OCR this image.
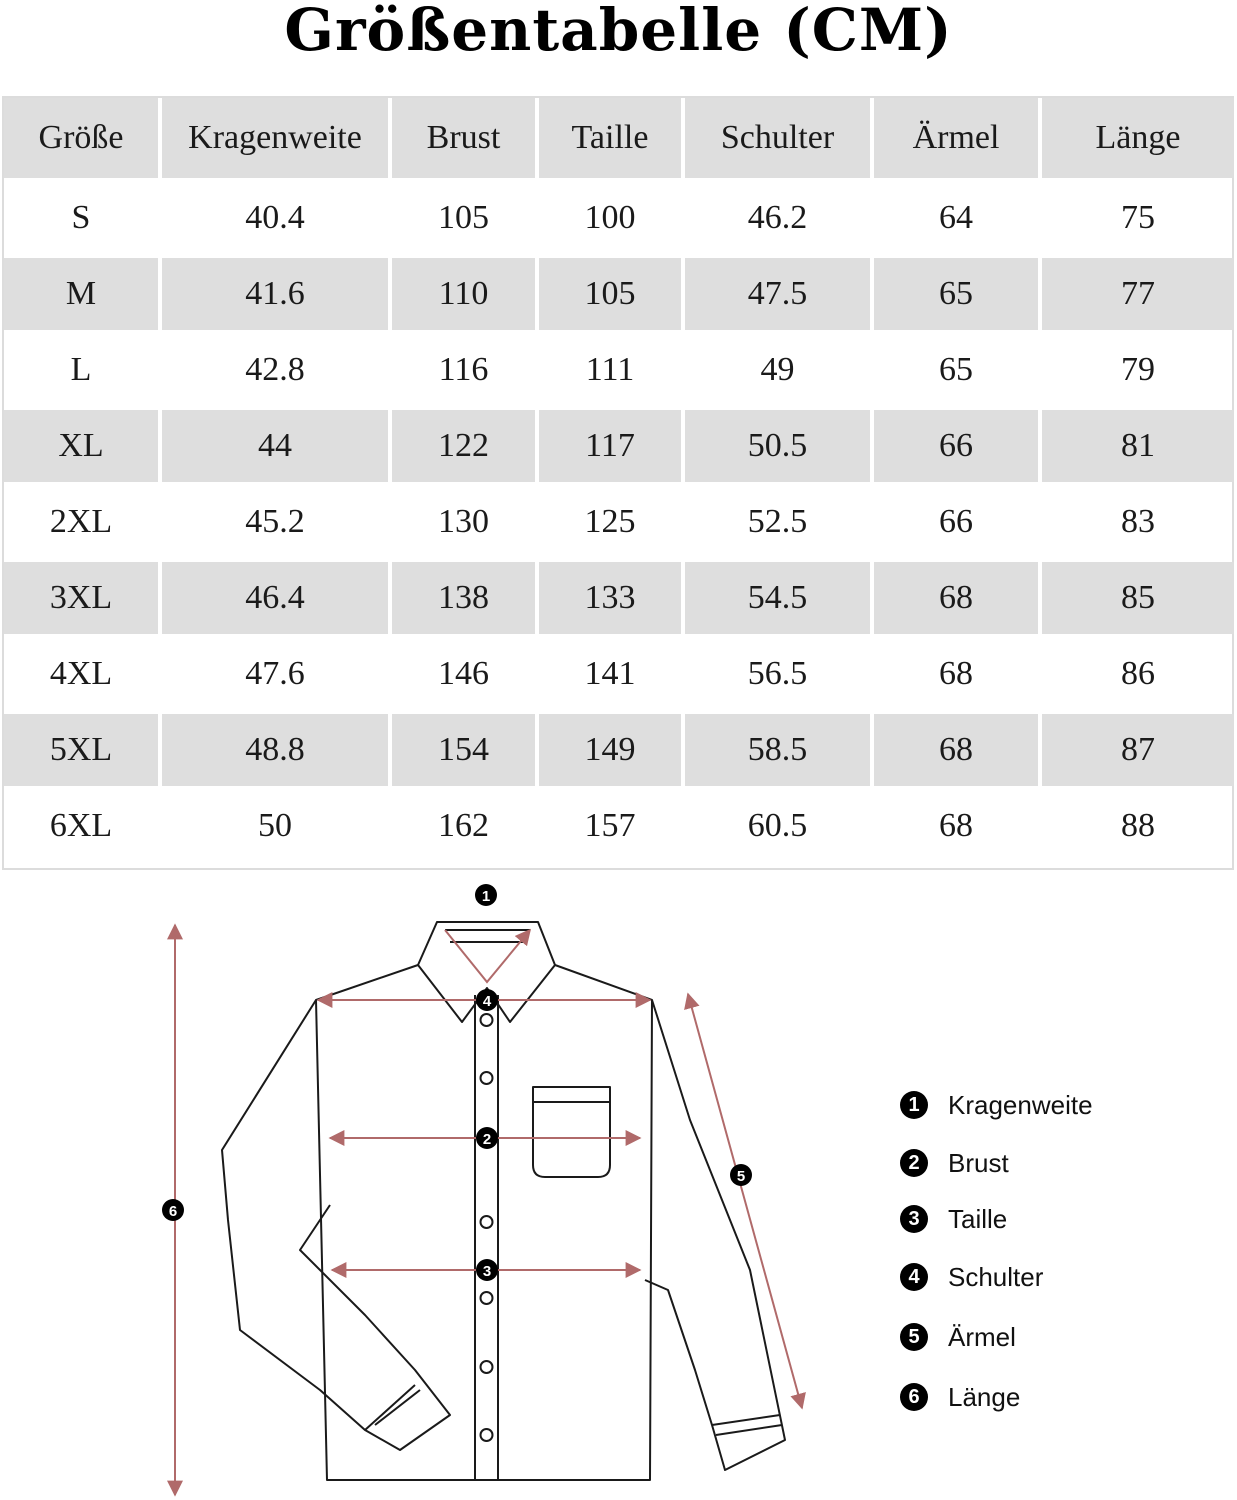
Größentabelle (CM)
Größe	Kragenweite	Brust	Taille	Schulter	Ärmel	Länge
S	40.4	105	100	46.2	64	75
M	41.6	110	105	47.5	65	77
L	42.8	116	111	49	65	79
XL	44	122	117	50.5	66	81
2XL	45.2	130	125	52.5	66	83
3XL	46.4	138	133	54.5	68	85
4XL	47.6	146	141	56.5	68	86
5XL	48.8	154	149	58.5	68	87
6XL	50	162	157	60.5	68	88
1
2
3
4
5
6
1	Kragenweite
2	Brust
3	Taille
4	Schulter
5	Ärmel
6	Länge
